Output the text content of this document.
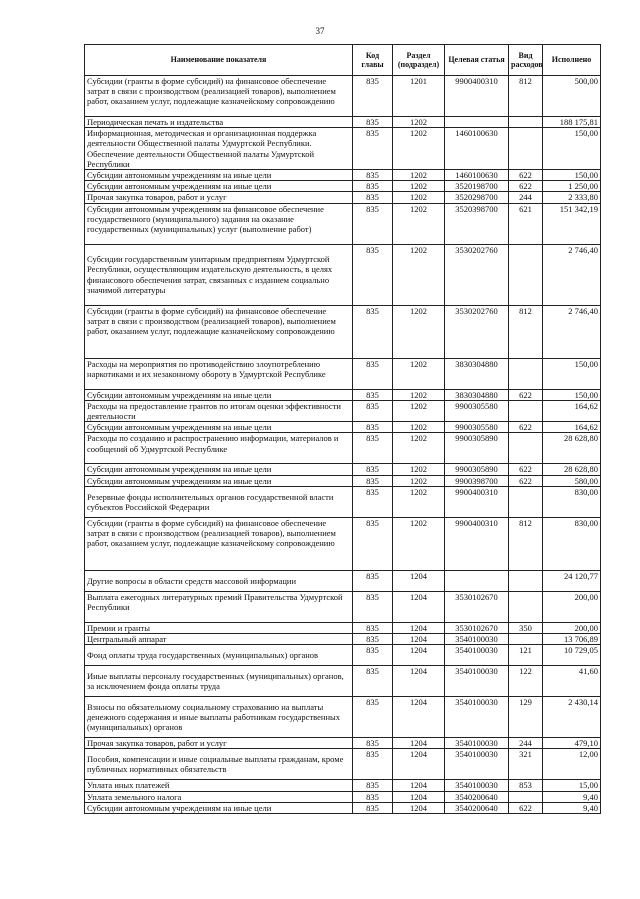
37
Наименование показателя	Код главы	Раздел (подраздел)	Целевая статья	Вид расходов	Исполнено
Субсидии (гранты в форме субсидий) на финансовое обеспечение затрат в связи с производством (реализацией товаров), выполнением работ, оказанием услуг, подлежащие казначейскому сопровождению	835	1201	9900400310	812	500,00
Периодическая печать и издательства	835	1202			188 175,81
Информационная, методическая и организационная поддержка деятельности Общественной палаты Удмуртской Республики. Обеспечение деятельности Общественной палаты Удмуртской Республики	835	1202	1460100630		150,00
Субсидии автономным учреждениям на иные цели	835	1202	1460100630	622	150,00
Субсидии автономным учреждениям на иные цели	835	1202	3520198700	622	1 250,00
Прочая закупка товаров, работ и услуг	835	1202	3520298700	244	2 333,80
Субсидии автономным учреждениям на финансовое обеспечение государственного (муниципального) задания на оказание государственных (муниципальных) услуг (выполнение работ)	835	1202	3520398700	621	151 342,19
Субсидии государственным унитарным предприятиям Удмуртской Республики, осуществляющим издательскую деятельность, в целях финансового обеспечения затрат, связанных с изданием социально значимой литературы	835	1202	3530202760		2 746,40
Субсидии (гранты в форме субсидий) на финансовое обеспечение затрат в связи с производством (реализацией товаров), выполнением работ, оказанием услуг, подлежащие казначейскому сопровождению	835	1202	3530202760	812	2 746,40
Расходы на мероприятия по противодействию злоупотреблению наркотиками и их незаконному обороту в Удмуртской Республике	835	1202	3830304880		150,00
Субсидии автономным учреждениям на иные цели	835	1202	3830304880	622	150,00
Расходы на предоставление грантов по итогам оценки эффективности деятельности	835	1202	9900305580		164,62
Субсидии автономным учреждениям на иные цели	835	1202	9900305580	622	164,62
Расходы по созданию и распространению информации, материалов и сообщений об Удмуртской Республике	835	1202	9900305890		28 628,80
Субсидии автономным учреждениям на иные цели	835	1202	9900305890	622	28 628,80
Субсидии автономным учреждениям на иные цели	835	1202	9900398700	622	580,00
Резервные фонды исполнительных органов государственной власти субъектов Российской Федерации	835	1202	9900400310		830,00
Субсидии (гранты в форме субсидий) на финансовое обеспечение затрат в связи с производством (реализацией товаров), выполнением работ, оказанием услуг, подлежащие казначейскому сопровождению	835	1202	9900400310	812	830,00
Другие вопросы в области средств массовой информации	835	1204			24 120,77
Выплата ежегодных литературных премий Правительства Удмуртской Республики	835	1204	3530102670		200,00
Премии и гранты	835	1204	3530102670	350	200,00
Центральный аппарат	835	1204	3540100030		13 706,89
Фонд оплаты труда государственных (муниципальных) органов	835	1204	3540100030	121	10 729,05
Иные выплаты персоналу государственных (муниципальных) органов, за исключением фонда оплаты труда	835	1204	3540100030	122	41,60
Взносы по обязательному социальному страхованию на выплаты денежного содержания и иные выплаты работникам государственных (муниципальных) органов	835	1204	3540100030	129	2 430,14
Прочая закупка товаров, работ и услуг	835	1204	3540100030	244	479,10
Пособия, компенсации и иные социальные выплаты гражданам, кроме публичных нормативных обязательств	835	1204	3540100030	321	12,00
Уплата иных платежей	835	1204	3540100030	853	15,00
Уплата земельного налога	835	1204	3540200640		9,40
Субсидии автономным учреждениям на иные цели	835	1204	3540200640	622	9,40
